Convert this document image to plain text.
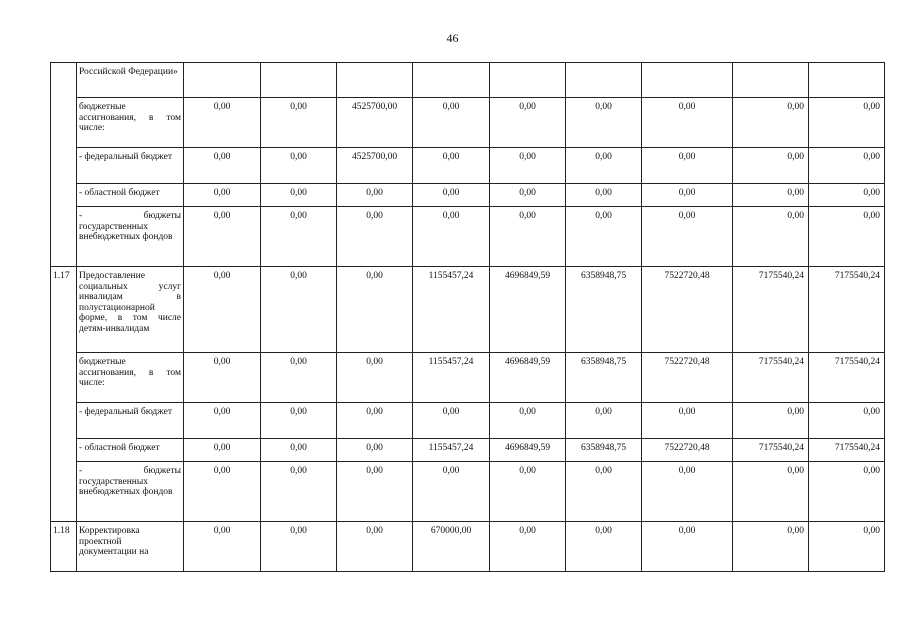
46
	Российской Федерации»									
	бюджетные ассигнования, в том числе:	0,00	0,00	4525700,00	0,00	0,00	0,00	0,00	0,00	0,00
	- федеральный бюджет	0,00	0,00	4525700,00	0,00	0,00	0,00	0,00	0,00	0,00
	- областной бюджет	0,00	0,00	0,00	0,00	0,00	0,00	0,00	0,00	0,00
	- бюджеты государственных внебюджетных фондов	0,00	0,00	0,00	0,00	0,00	0,00	0,00	0,00	0,00
1.17	Предоставление социальных услуг инвалидам в полустационарной форме, в том числе детям-инвалидам	0,00	0,00	0,00	1155457,24	4696849,59	6358948,75	7522720,48	7175540,24	7175540,24
	бюджетные ассигнования, в том числе:	0,00	0,00	0,00	1155457,24	4696849,59	6358948,75	7522720,48	7175540,24	7175540,24
	- федеральный бюджет	0,00	0,00	0,00	0,00	0,00	0,00	0,00	0,00	0,00
	- областной бюджет	0,00	0,00	0,00	1155457,24	4696849,59	6358948,75	7522720,48	7175540,24	7175540,24
	- бюджеты государственных внебюджетных фондов	0,00	0,00	0,00	0,00	0,00	0,00	0,00	0,00	0,00
1.18	Корректировка проектной документации на	0,00	0,00	0,00	670000,00	0,00	0,00	0,00	0,00	0,00
